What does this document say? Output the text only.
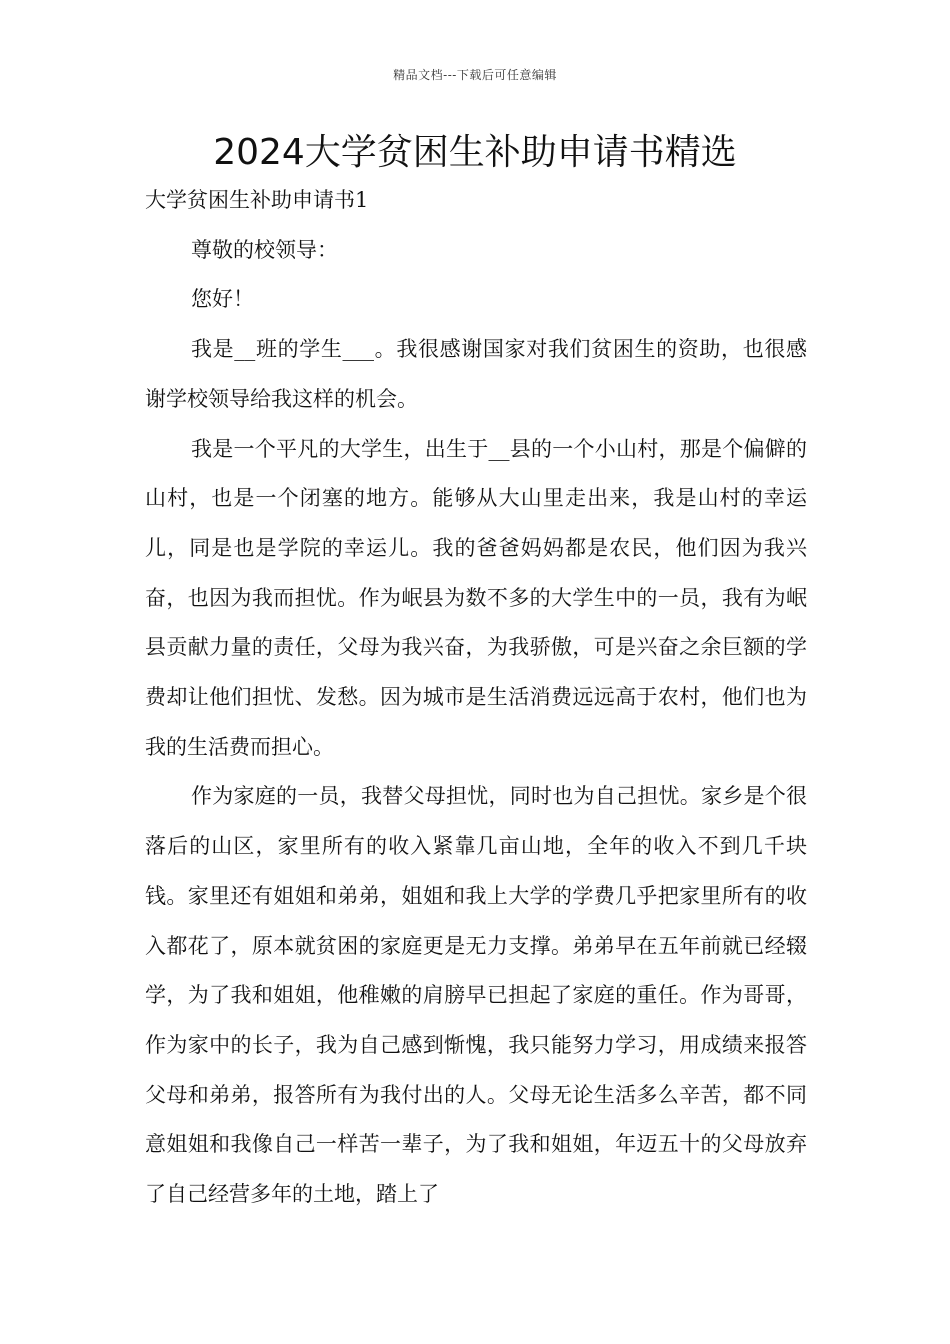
精品文档---下载后可任意编辑
2024大学贫困生补助申请书精选

大学贫困生补助申请书1

尊敬的校领导：

您好！

我是__班的学生___。我很感谢国家对我们贫困生的资助，也很感谢学校领导给我这样的机会。

我是一个平凡的大学生，出生于__县的一个小山村，那是个偏僻的山村，也是一个闭塞的地方。能够从大山里走出来，我是山村的幸运儿，同是也是学院的幸运儿。我的爸爸妈妈都是农民，他们因为我兴奋，也因为我而担忧。作为岷县为数不多的大学生中的一员，我有为岷县贡献力量的责任，父母为我兴奋，为我骄傲，可是兴奋之余巨额的学费却让他们担忧、发愁。因为城市是生活消费远远高于农村，他们也为我的生活费而担心。

作为家庭的一员，我替父母担忧，同时也为自己担忧。家乡是个很落后的山区，家里所有的收入紧靠几亩山地，全年的收入不到几千块钱。家里还有姐姐和弟弟，姐姐和我上大学的学费几乎把家里所有的收入都花了，原本就贫困的家庭更是无力支撑。弟弟早在五年前就已经辍学，为了我和姐姐，他稚嫩的肩膀早已担起了家庭的重任。作为哥哥，作为家中的长子，我为自己感到惭愧，我只能努力学习，用成绩来报答父母和弟弟，报答所有为我付出的人。父母无论生活多么辛苦，都不同意姐姐和我像自己一样苦一辈子，为了我和姐姐，年迈五十的父母放弃了自己经营多年的土地，踏上了
